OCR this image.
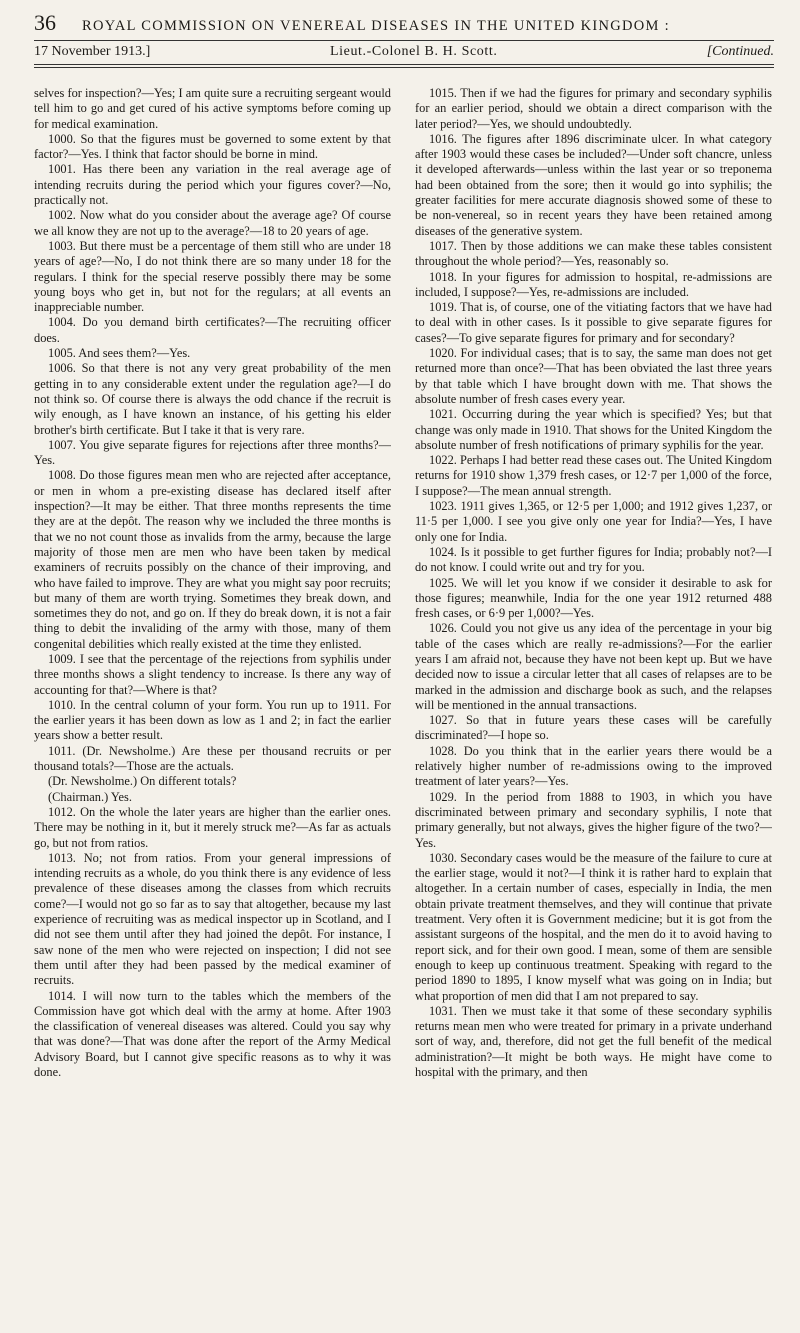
36	ROYAL COMMISSION ON VENEREAL DISEASES IN THE UNITED KINGDOM :
17 November 1913.]	Lieut.-Colonel B. H. Scott.	[Continued.

selves for inspection?—Yes; I am quite sure a recruiting sergeant would tell him to go and get cured of his active symptoms before coming up for medical examination.

1000. So that the figures must be governed to some extent by that factor?—Yes. I think that factor should be borne in mind.

1001. Has there been any variation in the real average age of intending recruits during the period which your figures cover?—No, practically not.

1002. Now what do you consider about the average age? Of course we all know they are not up to the average?—18 to 20 years of age.

1003. But there must be a percentage of them still who are under 18 years of age?—No, I do not think there are so many under 18 for the regulars. I think for the special reserve possibly there may be some young boys who get in, but not for the regulars; at all events an inappreciable number.

1004. Do you demand birth certificates?—The recruiting officer does.

1005. And sees them?—Yes.

1006. So that there is not any very great probability of the men getting in to any considerable extent under the regulation age?—I do not think so. Of course there is always the odd chance if the recruit is wily enough, as I have known an instance, of his getting his elder brother's birth certificate. But I take it that is very rare.

1007. You give separate figures for rejections after three months?—Yes.

1008. Do those figures mean men who are rejected after acceptance, or men in whom a pre-existing disease has declared itself after inspection?—It may be either. That three months represents the time they are at the depôt. The reason why we included the three months is that we no not count those as invalids from the army, because the large majority of those men are men who have been taken by medical examiners of recruits possibly on the chance of their improving, and who have failed to improve. They are what you might say poor recruits; but many of them are worth trying. Sometimes they break down, and sometimes they do not, and go on. If they do break down, it is not a fair thing to debit the invaliding of the army with those, many of them congenital debilities which really existed at the time they enlisted.

1009. I see that the percentage of the rejections from syphilis under three months shows a slight tendency to increase. Is there any way of accounting for that?—Where is that?

1010. In the central column of your form. You run up to 1911. For the earlier years it has been down as low as 1 and 2; in fact the earlier years show a better result.

1011. (Dr. Newsholme.) Are these per thousand recruits or per thousand totals?—Those are the actuals.

(Dr. Newsholme.) On different totals?

(Chairman.) Yes.

1012. On the whole the later years are higher than the earlier ones. There may be nothing in it, but it merely struck me?—As far as actuals go, but not from ratios.

1013. No; not from ratios. From your general impressions of intending recruits as a whole, do you think there is any evidence of less prevalence of these diseases among the classes from which recruits come?—I would not go so far as to say that altogether, because my last experience of recruiting was as medical inspector up in Scotland, and I did not see them until after they had joined the depôt. For instance, I saw none of the men who were rejected on inspection; I did not see them until after they had been passed by the medical examiner of recruits.

1014. I will now turn to the tables which the members of the Commission have got which deal with the army at home. After 1903 the classification of venereal diseases was altered. Could you say why that was done?—That was done after the report of the Army Medical Advisory Board, but I cannot give specific reasons as to why it was done.

1015. Then if we had the figures for primary and secondary syphilis for an earlier period, should we obtain a direct comparison with the later period?—Yes, we should undoubtedly.

1016. The figures after 1896 discriminate ulcer. In what category after 1903 would these cases be included?—Under soft chancre, unless it developed afterwards—unless within the last year or so treponema had been obtained from the sore; then it would go into syphilis; the greater facilities for mere accurate diagnosis showed some of these to be non-venereal, so in recent years they have been retained among diseases of the generative system.

1017. Then by those additions we can make these tables consistent throughout the whole period?—Yes, reasonably so.

1018. In your figures for admission to hospital, re-admissions are included, I suppose?—Yes, re-admissions are included.

1019. That is, of course, one of the vitiating factors that we have had to deal with in other cases. Is it possible to give separate figures for cases?—To give separate figures for primary and for secondary?

1020. For individual cases; that is to say, the same man does not get returned more than once?—That has been obviated the last three years by that table which I have brought down with me. That shows the absolute number of fresh cases every year.

1021. Occurring during the year which is specified? Yes; but that change was only made in 1910. That shows for the United Kingdom the absolute number of fresh notifications of primary syphilis for the year.

1022. Perhaps I had better read these cases out. The United Kingdom returns for 1910 show 1,379 fresh cases, or 12·7 per 1,000 of the force, I suppose?—The mean annual strength.

1023. 1911 gives 1,365, or 12·5 per 1,000; and 1912 gives 1,237, or 11·5 per 1,000. I see you give only one year for India?—Yes, I have only one for India.

1024. Is it possible to get further figures for India; probably not?—I do not know. I could write out and try for you.

1025. We will let you know if we consider it desirable to ask for those figures; meanwhile, India for the one year 1912 returned 488 fresh cases, or 6·9 per 1,000?—Yes.

1026. Could you not give us any idea of the percentage in your big table of the cases which are really re-admissions?—For the earlier years I am afraid not, because they have not been kept up. But we have decided now to issue a circular letter that all cases of relapses are to be marked in the admission and discharge book as such, and the relapses will be mentioned in the annual transactions.

1027. So that in future years these cases will be carefully discriminated?—I hope so.

1028. Do you think that in the earlier years there would be a relatively higher number of re-admissions owing to the improved treatment of later years?—Yes.

1029. In the period from 1888 to 1903, in which you have discriminated between primary and secondary syphilis, I note that primary generally, but not always, gives the higher figure of the two?—Yes.

1030. Secondary cases would be the measure of the failure to cure at the earlier stage, would it not?—I think it is rather hard to explain that altogether. In a certain number of cases, especially in India, the men obtain private treatment themselves, and they will continue that private treatment. Very often it is Government medicine; but it is got from the assistant surgeons of the hospital, and the men do it to avoid having to report sick, and for their own good. I mean, some of them are sensible enough to keep up continuous treatment. Speaking with regard to the period 1890 to 1895, I know myself what was going on in India; but what proportion of men did that I am not prepared to say.

1031. Then we must take it that some of these secondary syphilis returns mean men who were treated for primary in a private underhand sort of way, and, therefore, did not get the full benefit of the medical administration?—It might be both ways. He might have come to hospital with the primary, and then
